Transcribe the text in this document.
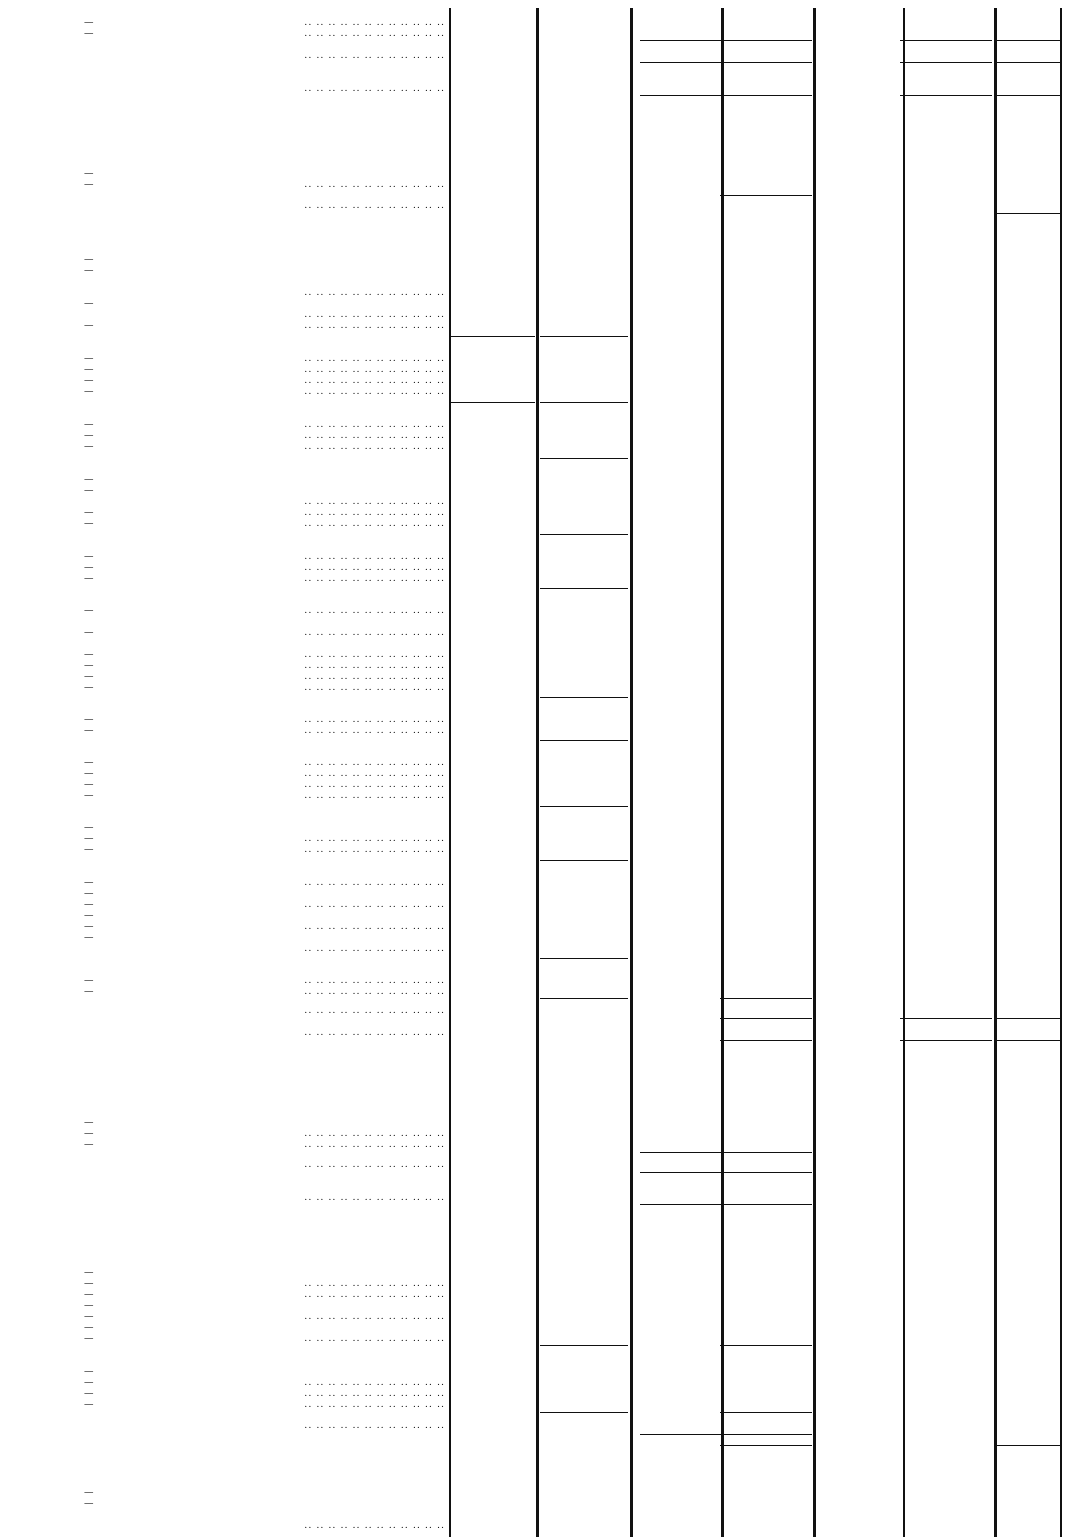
—	.. .. .. .. .. .. .. .. .. .. .. ..
—	.. .. .. .. .. .. .. .. .. .. .. ..
.. .. .. .. .. .. .. .. .. .. .. ..
.. .. .. .. .. .. .. .. .. .. .. ..
—
—	.. .. .. .. .. .. .. .. .. .. .. ..
.. .. .. .. .. .. .. .. .. .. .. ..
—
—
.. .. .. .. .. .. .. .. .. .. .. ..
—
.. .. .. .. .. .. .. .. .. .. .. ..
—	.. .. .. .. .. .. .. .. .. .. .. ..
—	.. .. .. .. .. .. .. .. .. .. .. ..
—	.. .. .. .. .. .. .. .. .. .. .. ..
—	.. .. .. .. .. .. .. .. .. .. .. ..
—	.. .. .. .. .. .. .. .. .. .. .. ..
—	.. .. .. .. .. .. .. .. .. .. .. ..
—	.. .. .. .. .. .. .. .. .. .. .. ..
—	.. .. .. .. .. .. .. .. .. .. .. ..
—
—
.. .. .. .. .. .. .. .. .. .. .. ..
—	.. .. .. .. .. .. .. .. .. .. .. ..
—	.. .. .. .. .. .. .. .. .. .. .. ..
—	.. .. .. .. .. .. .. .. .. .. .. ..
—	.. .. .. .. .. .. .. .. .. .. .. ..
—	.. .. .. .. .. .. .. .. .. .. .. ..
—	.. .. .. .. .. .. .. .. .. .. .. ..
—	.. .. .. .. .. .. .. .. .. .. .. ..
—	.. .. .. .. .. .. .. .. .. .. .. ..
—	.. .. .. .. .. .. .. .. .. .. .. ..
—	.. .. .. .. .. .. .. .. .. .. .. ..
—	.. .. .. .. .. .. .. .. .. .. .. ..
—	.. .. .. .. .. .. .. .. .. .. .. ..
—	.. .. .. .. .. .. .. .. .. .. .. ..
—	.. .. .. .. .. .. .. .. .. .. .. ..
—	.. .. .. .. .. .. .. .. .. .. .. ..
—	.. .. .. .. .. .. .. .. .. .. .. ..
—	.. .. .. .. .. .. .. .. .. .. .. ..
—
—	.. .. .. .. .. .. .. .. .. .. .. ..
—	.. .. .. .. .. .. .. .. .. .. .. ..
—	.. .. .. .. .. .. .. .. .. .. .. ..
—
—	.. .. .. .. .. .. .. .. .. .. .. ..
—
—	.. .. .. .. .. .. .. .. .. .. .. ..
—
.. .. .. .. .. .. .. .. .. .. .. ..
—	.. .. .. .. .. .. .. .. .. .. .. ..
—	.. .. .. .. .. .. .. .. .. .. .. ..
.. .. .. .. .. .. .. .. .. .. .. ..
.. .. .. .. .. .. .. .. .. .. .. ..
—
—	.. .. .. .. .. .. .. .. .. .. .. ..
—	.. .. .. .. .. .. .. .. .. .. .. ..
.. .. .. .. .. .. .. .. .. .. .. ..
.. .. .. .. .. .. .. .. .. .. .. ..
—
—	.. .. .. .. .. .. .. .. .. .. .. ..
—	.. .. .. .. .. .. .. .. .. .. .. ..
—
—	.. .. .. .. .. .. .. .. .. .. .. ..
—
—	.. .. .. .. .. .. .. .. .. .. .. ..
—
—	.. .. .. .. .. .. .. .. .. .. .. ..
—	.. .. .. .. .. .. .. .. .. .. .. ..
—	.. .. .. .. .. .. .. .. .. .. .. ..
.. .. .. .. .. .. .. .. .. .. .. ..
—
—
.. .. .. .. .. .. .. .. .. .. .. ..
